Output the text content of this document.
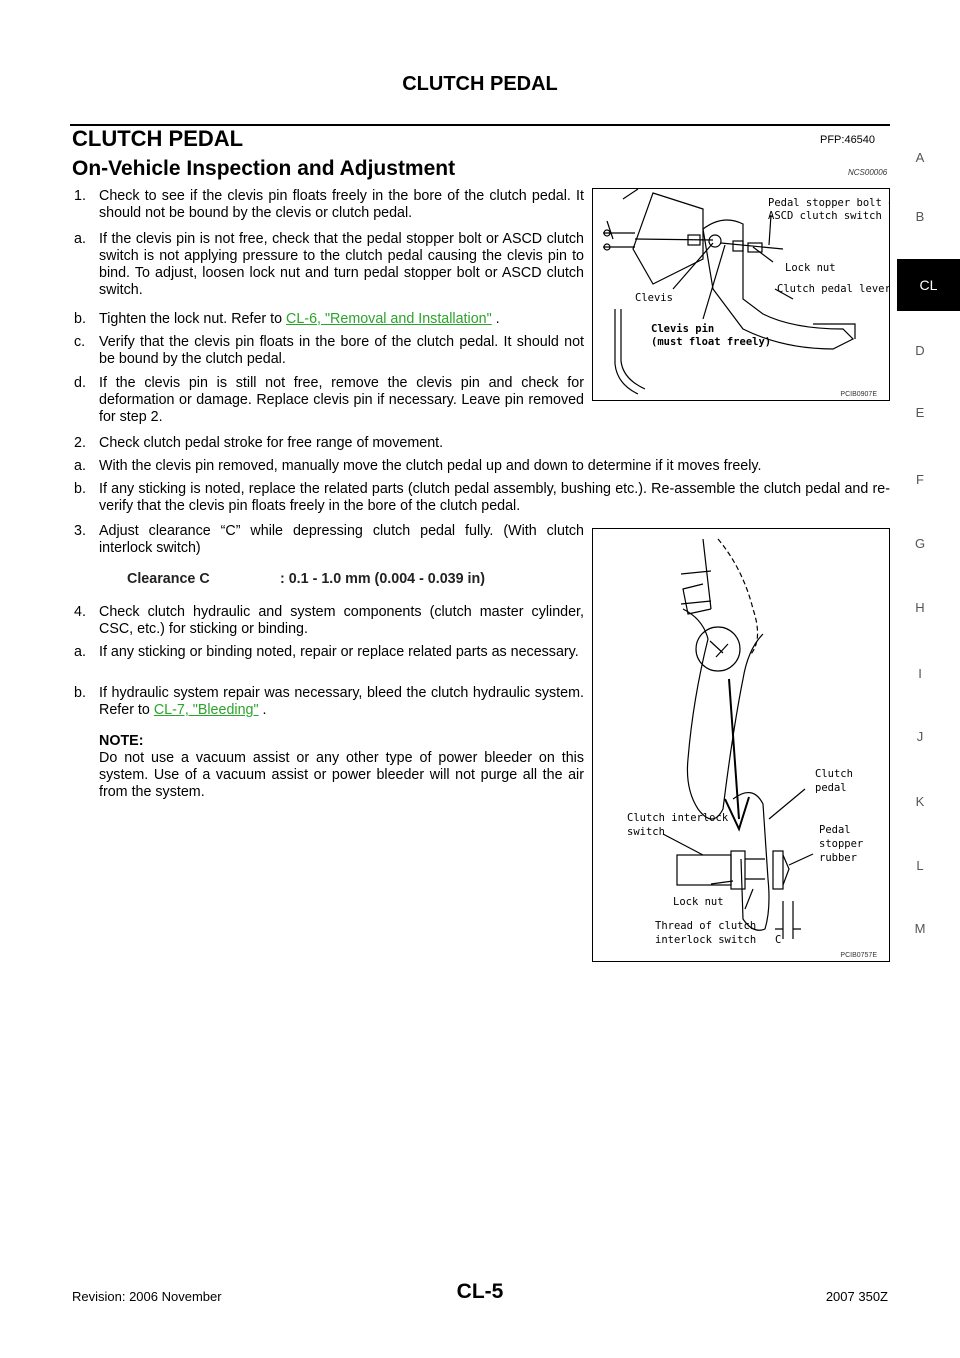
CLUTCH PEDAL
CLUTCH PEDAL	PFP:46540
On-Vehicle Inspection and Adjustment	NCS00006
1. Check to see if the clevis pin floats freely in the bore of the clutch pedal. It should not be bound by the clevis or clutch pedal.
a. If the clevis pin is not free, check that the pedal stopper bolt or ASCD clutch switch is not applying pressure to the clutch pedal causing the clevis pin to bind. To adjust, loosen lock nut and turn pedal stopper bolt or ASCD clutch switch.
b. Tighten the lock nut. Refer to CL-6, "Removal and Installation" .
c. Verify that the clevis pin floats in the bore of the clutch pedal. It should not be bound by the clutch pedal.
d. If the clevis pin is still not free, remove the clevis pin and check for deformation or damage. Replace clevis pin if necessary. Leave pin removed for step 2.
2. Check clutch pedal stroke for free range of movement.
a. With the clevis pin removed, manually move the clutch pedal up and down to determine if it moves freely.
b. If any sticking is noted, replace the related parts (clutch pedal assembly, bushing etc.). Re-assemble the clutch pedal and re-verify that the clevis pin floats freely in the bore of the clutch pedal.
3. Adjust clearance “C” while depressing clutch pedal fully. (With clutch interlock switch)
Clearance C	: 0.1 - 1.0 mm (0.004 - 0.039 in)
4. Check clutch hydraulic and system components (clutch master cylinder, CSC, etc.) for sticking or binding.
a. If any sticking or binding noted, repair or replace related parts as necessary.
b. If hydraulic system repair was necessary, bleed the clutch hydraulic system. Refer to CL-7, "Bleeding" .
NOTE:
Do not use a vacuum assist or any other type of power bleeder on this system. Use of a vacuum assist or power bleeder will not purge all the air from the system.
Pedal stopper bolt or
ASCD clutch switch
Lock nut
Clevis
Clutch pedal lever
Clevis pin
(must float freely)
PCIB0907E
Clutch
pedal
Clutch interlock
switch	Pedal
stopper
rubber
Lock nut
Thread of clutch
interlock switch C
PCIB0757E
A
B
CL
D
E
F
G
H
I
J
K
L
M
Revision: 2006 November	CL-5	2007 350Z
